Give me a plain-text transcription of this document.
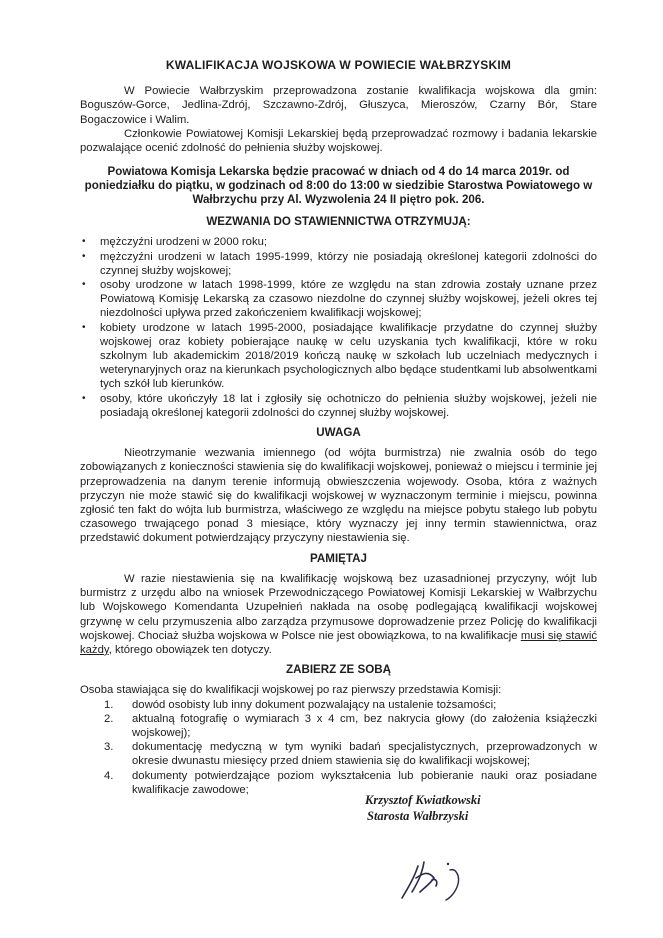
KWALIFIKACJA WOJSKOWA W POWIECIE WAŁBRZYSKIM

W Powiecie Wałbrzyskim przeprowadzona zostanie kwalifikacja wojskowa dla gmin: Boguszów-Gorce, Jedlina-Zdrój, Szczawno-Zdrój, Głuszyca, Mieroszów, Czarny Bór, Stare Bogaczowice i Walim.

Członkowie Powiatowej Komisji Lekarskiej będą przeprowadzać rozmowy i badania lekarskie pozwalające ocenić zdolność do pełnienia służby wojskowej.

Powiatowa Komisja Lekarska będzie pracować w dniach od 4 do 14 marca 2019r. od poniedziałku do piątku, w godzinach od 8:00 do 13:00 w siedzibie Starostwa Powiatowego w Wałbrzychu przy Al. Wyzwolenia 24 II piętro pok. 206.
WEZWANIA DO STAWIENNICTWA OTRZYMUJĄ:
• mężczyźni urodzeni w 2000 roku;
• mężczyźni urodzeni w latach 1995-1999, którzy nie posiadają określonej kategorii zdolności do czynnej służby wojskowej;
• osoby urodzone w latach 1998-1999, które ze względu na stan zdrowia zostały uznane przez Powiatową Komisję Lekarską za czasowo niezdolne do czynnej służby wojskowej, jeżeli okres tej niezdolności upływa przed zakończeniem kwalifikacji wojskowej;
• kobiety urodzone w latach 1995-2000, posiadające kwalifikacje przydatne do czynnej służby wojskowej oraz kobiety pobierające naukę w celu uzyskania tych kwalifikacji, które w roku szkolnym lub akademickim 2018/2019 kończą naukę w szkołach lub uczelniach medycznych i weterynaryjnych oraz na kierunkach psychologicznych albo będące studentkami lub absolwentkami tych szkół lub kierunków.
• osoby, które ukończyły 18 lat i zgłosiły się ochotniczo do pełnienia służby wojskowej, jeżeli nie posiadają określonej kategorii zdolności do czynnej służby wojskowej.
UWAGA

Nieotrzymanie wezwania imiennego (od wójta burmistrza) nie zwalnia osób do tego zobowiązanych z konieczności stawienia się do kwalifikacji wojskowej, ponieważ o miejscu i terminie jej przeprowadzenia na danym terenie informują obwieszczenia wojewody. Osoba, która z ważnych przyczyn nie może stawić się do kwalifikacji wojskowej w wyznaczonym terminie i miejscu, powinna zgłosić ten fakt do wójta lub burmistrza, właściwego ze względu na miejsce pobytu stałego lub pobytu czasowego trwającego ponad 3 miesiące, który wyznaczy jej inny termin stawiennictwa, oraz przedstawić dokument potwierdzający przyczyny niestawienia się.

PAMIĘTAJ

W razie niestawienia się na kwalifikację wojskową bez uzasadnionej przyczyny, wójt lub burmistrz z urzędu albo na wniosek Przewodniczącego Powiatowej Komisji Lekarskiej w Wałbrzychu lub Wojskowego Komendanta Uzupełnień nakłada na osobę podlegającą kwalifikacji wojskowej grzywnę w celu przymuszenia albo zarządza przymusowe doprowadzenie przez Policję do kwalifikacji wojskowej. Chociaż służba wojskowa w Polsce nie jest obowiązkowa, to na kwalifikacje musi się stawić każdy, którego obowiązek ten dotyczy.

ZABIERZ ZE SOBĄ

Osoba stawiająca się do kwalifikacji wojskowej po raz pierwszy przedstawia Komisji:

1. dowód osobisty lub inny dokument pozwalający na ustalenie tożsamości;
2. aktualną fotografię o wymiarach 3 x 4 cm, bez nakrycia głowy (do założenia książeczki wojskowej);
3. dokumentację medyczną w tym wyniki badań specjalistycznych, przeprowadzonych w okresie dwunastu miesięcy przed dniem stawienia się do kwalifikacji wojskowej;
4. dokumenty potwierdzające poziom wykształcenia lub pobieranie nauki oraz posiadane kwalifikacje zawodowe;
Krzysztof Kwiatkowski
Starosta Wałbrzyski
